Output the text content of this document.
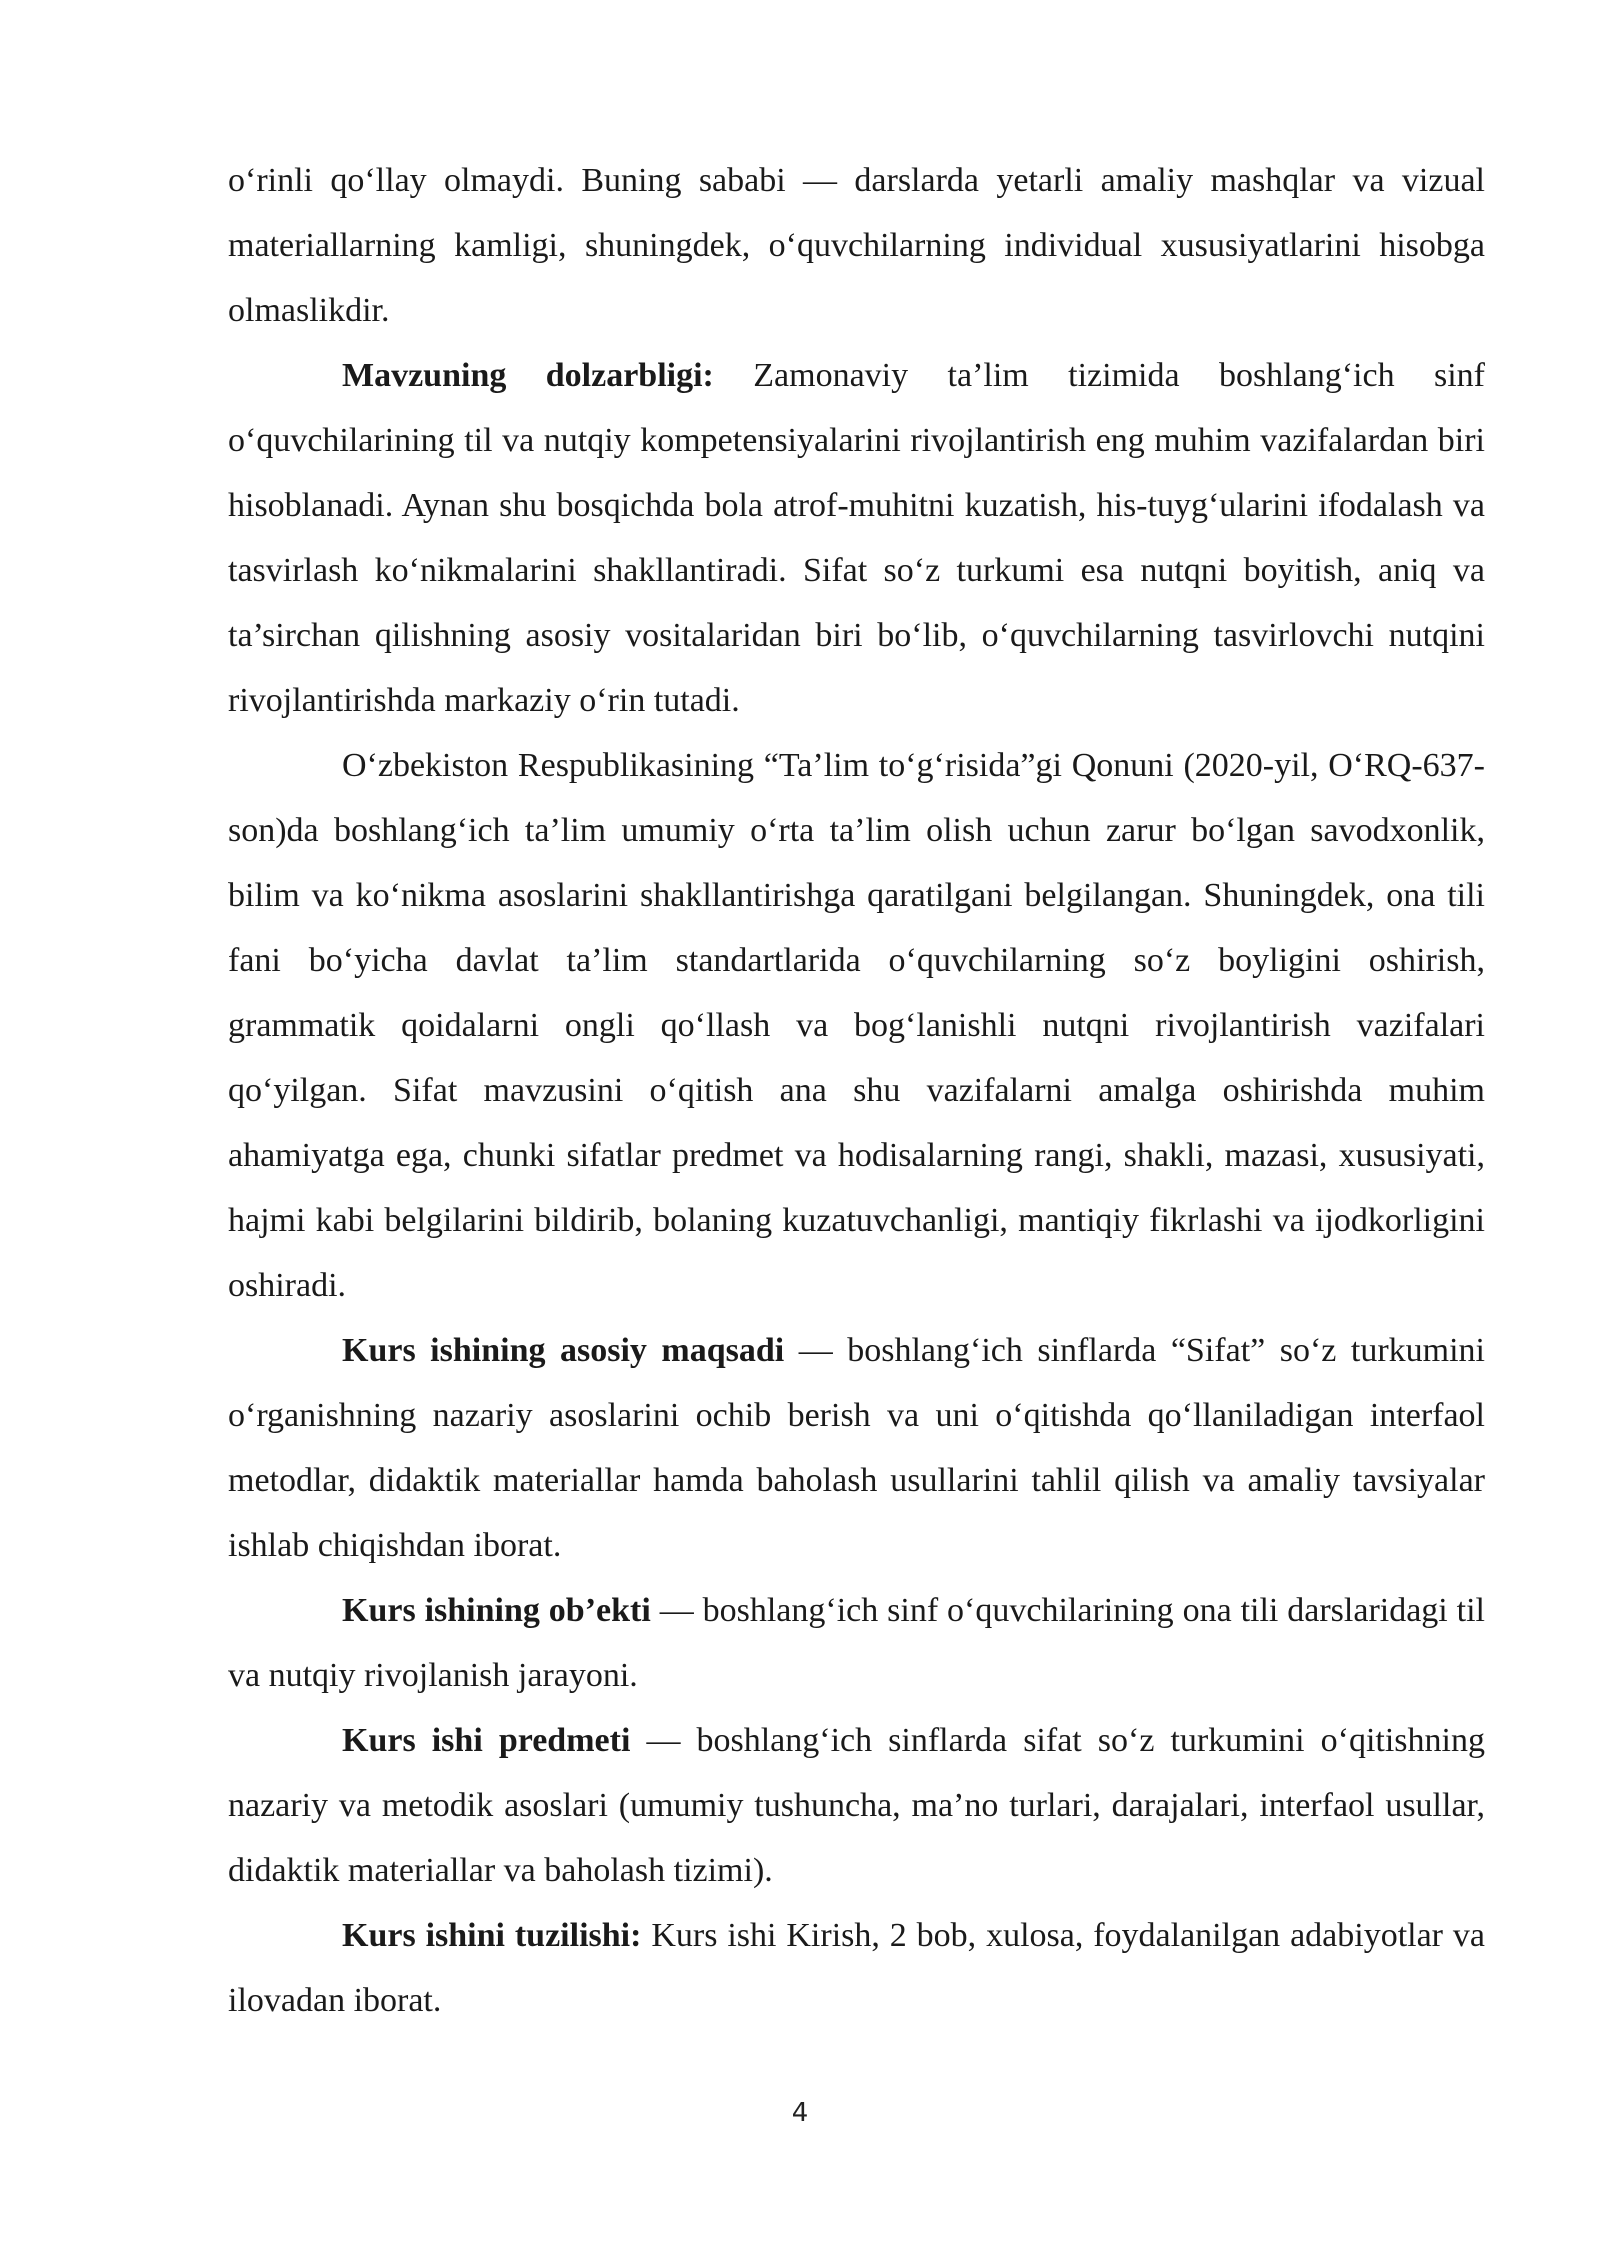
o‘rinli qo‘llay olmaydi. Buning sababi — darslarda yetarli amaliy mashqlar va vizual materiallarning kamligi, shuningdek, o‘quvchilarning individual xususiyatlarini hisobga olmaslikdir.

Mavzuning dolzarbligi: Zamonaviy ta’lim tizimida boshlang‘ich sinf o‘quvchilarining til va nutqiy kompetensiyalarini rivojlantirish eng muhim vazifalardan biri hisoblanadi. Aynan shu bosqichda bola atrof-muhitni kuzatish, his-tuyg‘ularini ifodalash va tasvirlash ko‘nikmalarini shakllantiradi. Sifat so‘z turkumi esa nutqni boyitish, aniq va ta’sirchan qilishning asosiy vositalaridan biri bo‘lib, o‘quvchilarning tasvirlovchi nutqini rivojlantirishda markaziy o‘rin tutadi.

O‘zbekiston Respublikasining “Ta’lim to‘g‘risida”gi Qonuni (2020-yil, O‘RQ-637-son)da boshlang‘ich ta’lim umumiy o‘rta ta’lim olish uchun zarur bo‘lgan savodxonlik, bilim va ko‘nikma asoslarini shakllantirishga qaratilgani belgilangan. Shuningdek, ona tili fani bo‘yicha davlat ta’lim standartlarida o‘quvchilarning so‘z boyligini oshirish, grammatik qoidalarni ongli qo‘llash va bog‘lanishli nutqni rivojlantirish vazifalari qo‘yilgan. Sifat mavzusini o‘qitish ana shu vazifalarni amalga oshirishda muhim ahamiyatga ega, chunki sifatlar predmet va hodisalarning rangi, shakli, mazasi, xususiyati, hajmi kabi belgilarini bildirib, bolaning kuzatuvchanligi, mantiqiy fikrlashi va ijodkorligini oshiradi.

Kurs ishining asosiy maqsadi — boshlang‘ich sinflarda “Sifat” so‘z turkumini o‘rganishning nazariy asoslarini ochib berish va uni o‘qitishda qo‘llaniladigan interfaol metodlar, didaktik materiallar hamda baholash usullarini tahlil qilish va amaliy tavsiyalar ishlab chiqishdan iborat.

Kurs ishining ob’ekti — boshlang‘ich sinf o‘quvchilarining ona tili darslaridagi til va nutqiy rivojlanish jarayoni.

Kurs ishi predmeti — boshlang‘ich sinflarda sifat so‘z turkumini o‘qitishning nazariy va metodik asoslari (umumiy tushuncha, ma’no turlari, darajalari, interfaol usullar, didaktik materiallar va baholash tizimi).

Kurs ishini tuzilishi: Kurs ishi Kirish, 2 bob, xulosa, foydalanilgan adabiyotlar va ilovadan iborat.

4
